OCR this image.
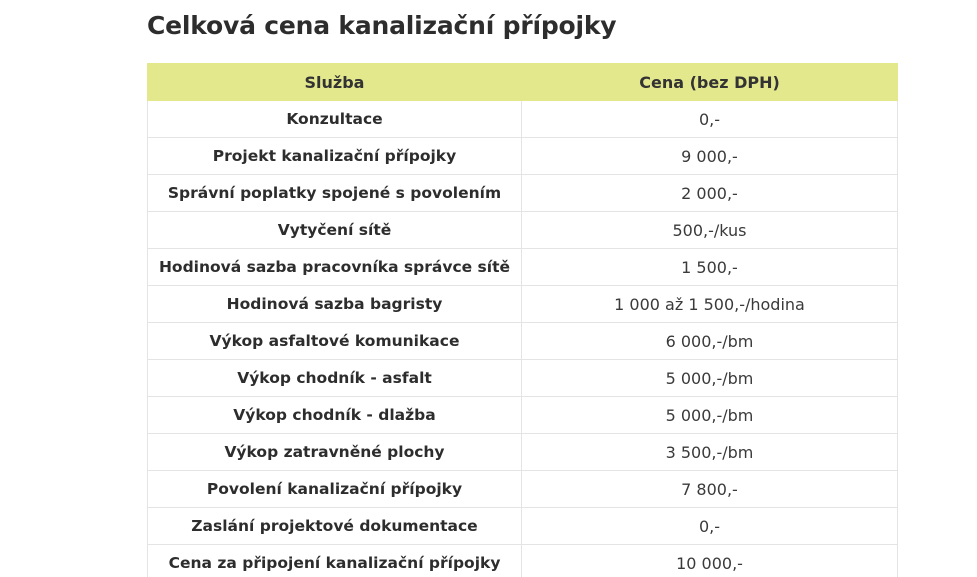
Celková cena kanalizační přípojky
Služba	Cena (bez DPH)
Konzultace	0,-
Projekt kanalizační přípojky	9 000,-
Správní poplatky spojené s povolením	2 000,-
Vytyčení sítě	500,-/kus
Hodinová sazba pracovníka správce sítě	1 500,-
Hodinová sazba bagristy	1 000 až 1 500,-/hodina
Výkop asfaltové komunikace	6 000,-/bm
Výkop chodník - asfalt	5 000,-/bm
Výkop chodník - dlažba	5 000,-/bm
Výkop zatravněné plochy	3 500,-/bm
Povolení kanalizační přípojky	7 800,-
Zaslání projektové dokumentace	0,-
Cena za připojení kanalizační přípojky	10 000,-
